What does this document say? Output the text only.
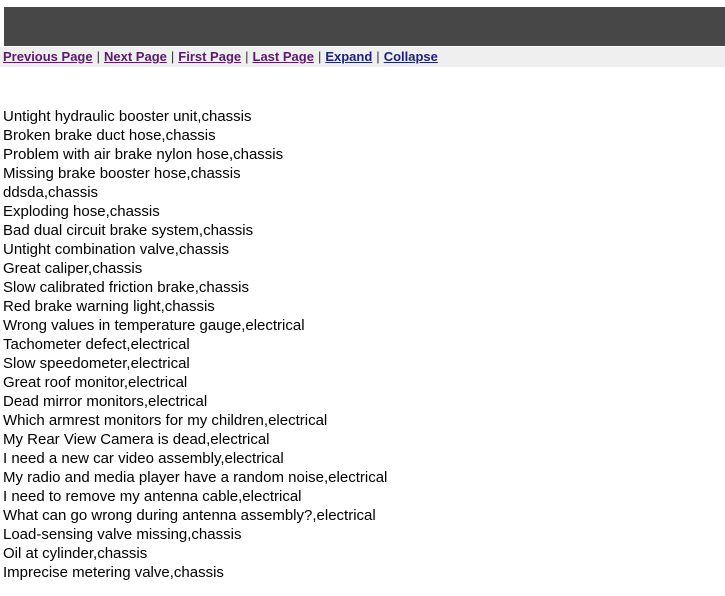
Previous Page | Next Page | First Page | Last Page | Expand | Collapse
Untight hydraulic booster unit,chassis
Broken brake duct hose,chassis
Problem with air brake nylon hose,chassis
Missing brake booster hose,chassis
ddsda,chassis
Exploding hose,chassis
Bad dual circuit brake system,chassis
Untight combination valve,chassis
Great caliper,chassis
Slow calibrated friction brake,chassis
Red brake warning light,chassis
Wrong values in temperature gauge,electrical
Tachometer defect,electrical
Slow speedometer,electrical
Great roof monitor,electrical
Dead mirror monitors,electrical
Which armrest monitors for my children,electrical
My Rear View Camera is dead,electrical
I need a new car video assembly,electrical
My radio and media player have a random noise,electrical
I need to remove my antenna cable,electrical
What can go wrong during antenna assembly?,electrical
Load-sensing valve missing,chassis
Oil at cylinder,chassis
Imprecise metering valve,chassis
